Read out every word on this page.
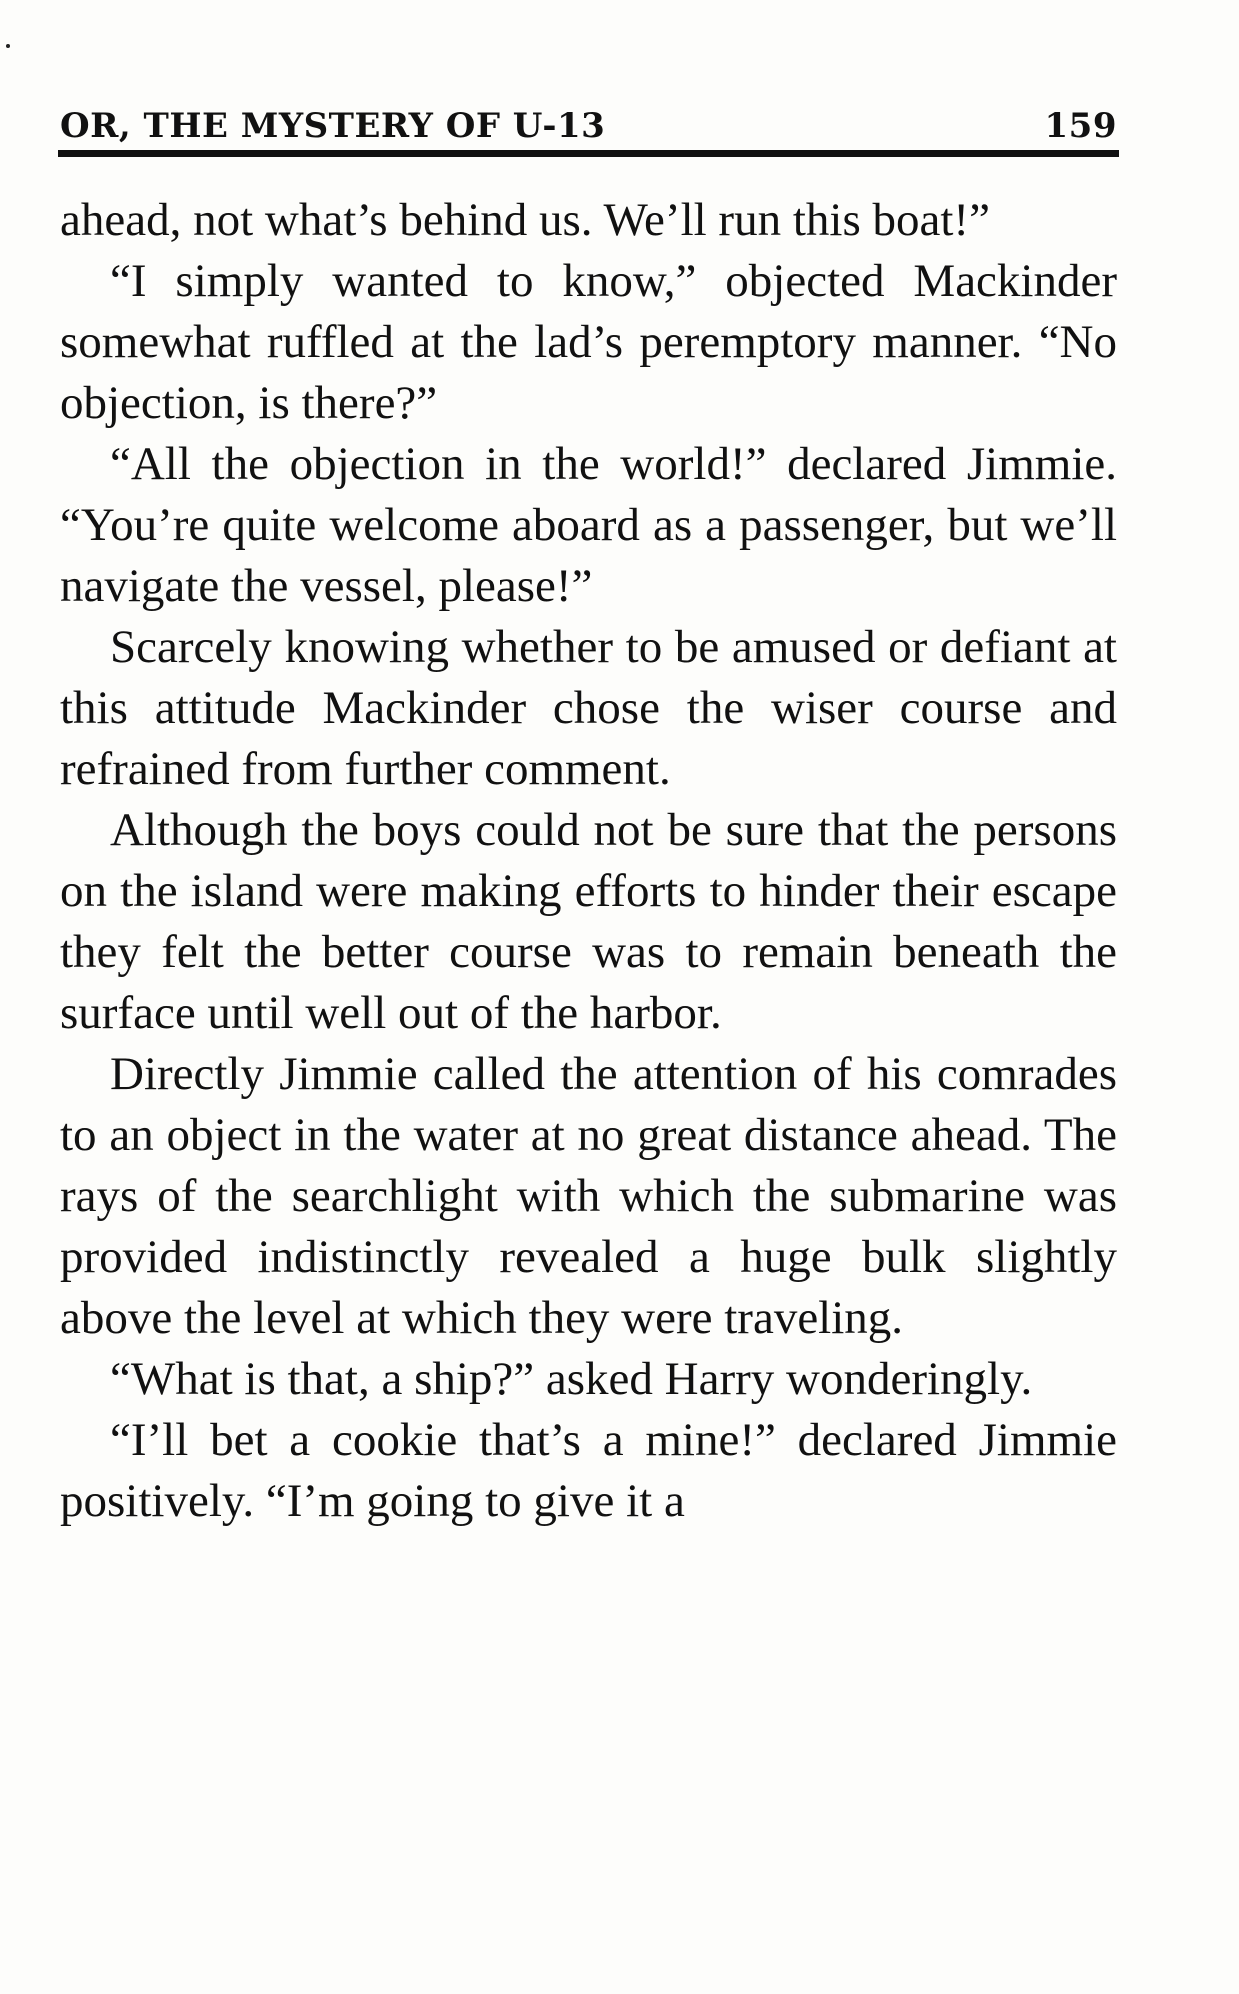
OR, THE MYSTERY OF U-13	159

ahead, not what’s behind us. We’ll run this boat!”

“I simply wanted to know,” objected Mackinder somewhat ruffled at the lad’s peremptory manner. “No objection, is there?”

“All the objection in the world!” declared Jimmie. “You’re quite welcome aboard as a passenger, but we’ll navigate the vessel, please!”

Scarcely knowing whether to be amused or defiant at this attitude Mackinder chose the wiser course and refrained from further comment.

Although the boys could not be sure that the persons on the island were making efforts to hinder their escape they felt the better course was to remain beneath the surface until well out of the harbor.

Directly Jimmie called the attention of his comrades to an object in the water at no great distance ahead. The rays of the searchlight with which the submarine was provided indistinctly revealed a huge bulk slightly above the level at which they were traveling.

“What is that, a ship?” asked Harry wonderingly.

“I’ll bet a cookie that’s a mine!” declared Jimmie positively. “I’m going to give it a
